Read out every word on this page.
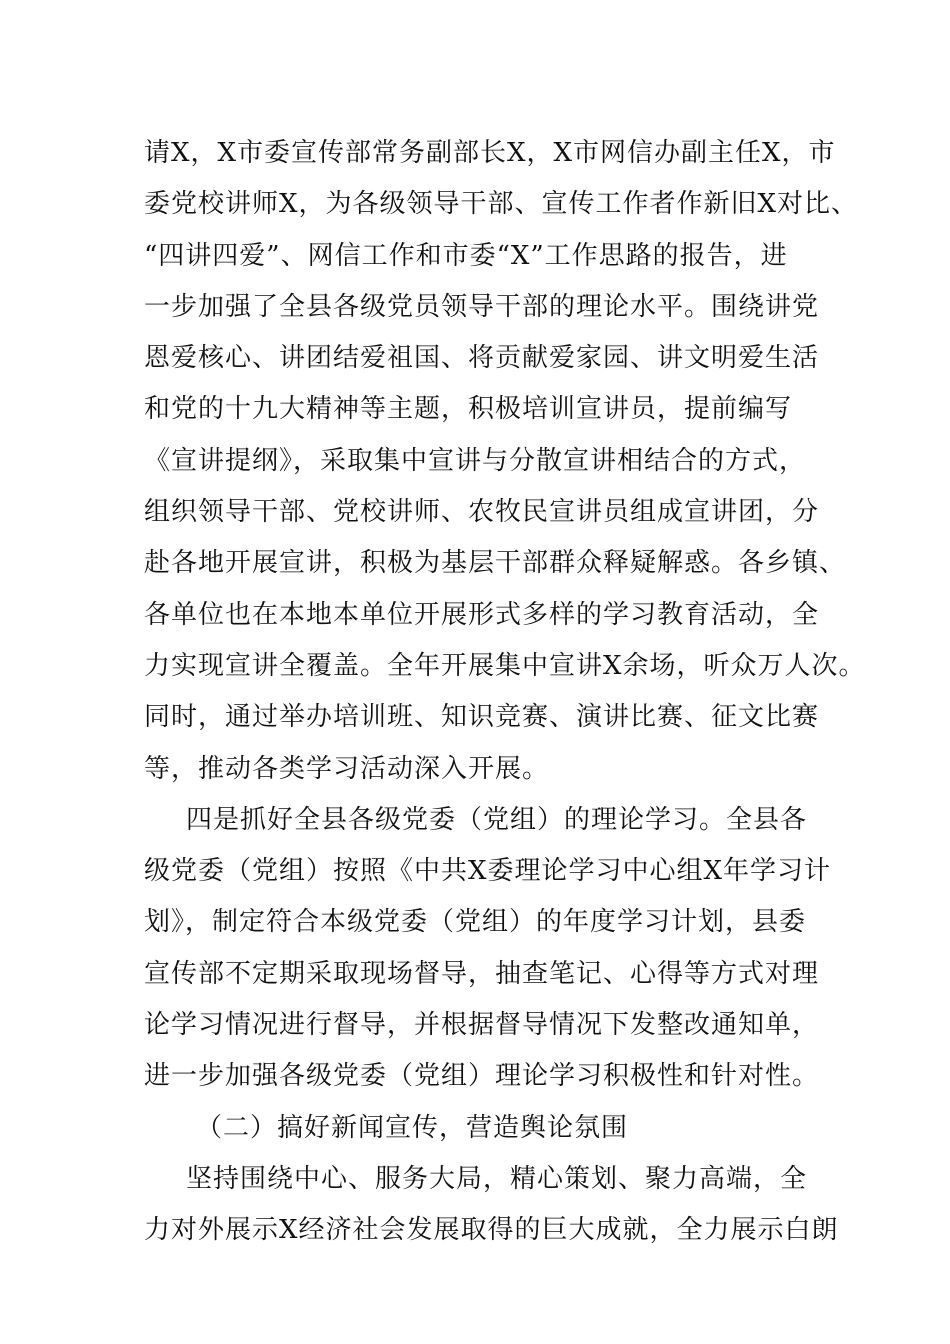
请X，X市委宣传部常务副部长X，X市网信办副主任X，市
委党校讲师X，为各级领导干部、宣传工作者作新旧X对比、
“四讲四爱”、网信工作和市委“X”工作思路的报告，进
一步加强了全县各级党员领导干部的理论水平。围绕讲党
恩爱核心、讲团结爱祖国、将贡献爱家园、讲文明爱生活
和党的十九大精神等主题，积极培训宣讲员，提前编写
《宣讲提纲》，采取集中宣讲与分散宣讲相结合的方式，
组织领导干部、党校讲师、农牧民宣讲员组成宣讲团，分
赴各地开展宣讲，积极为基层干部群众释疑解惑。各乡镇、
各单位也在本地本单位开展形式多样的学习教育活动，全
力实现宣讲全覆盖。全年开展集中宣讲X余场，听众万人次。
同时，通过举办培训班、知识竞赛、演讲比赛、征文比赛
等，推动各类学习活动深入开展。
四是抓好全县各级党委（党组）的理论学习。全县各
级党委（党组）按照《中共X委理论学习中心组X年学习计
划》，制定符合本级党委（党组）的年度学习计划，县委
宣传部不定期采取现场督导，抽查笔记、心得等方式对理
论学习情况进行督导，并根据督导情况下发整改通知单，
进一步加强各级党委（党组）理论学习积极性和针对性。
（二）搞好新闻宣传，营造舆论氛围
坚持围绕中心、服务大局，精心策划、聚力高端，全
力对外展示X经济社会发展取得的巨大成就，全力展示白朗
